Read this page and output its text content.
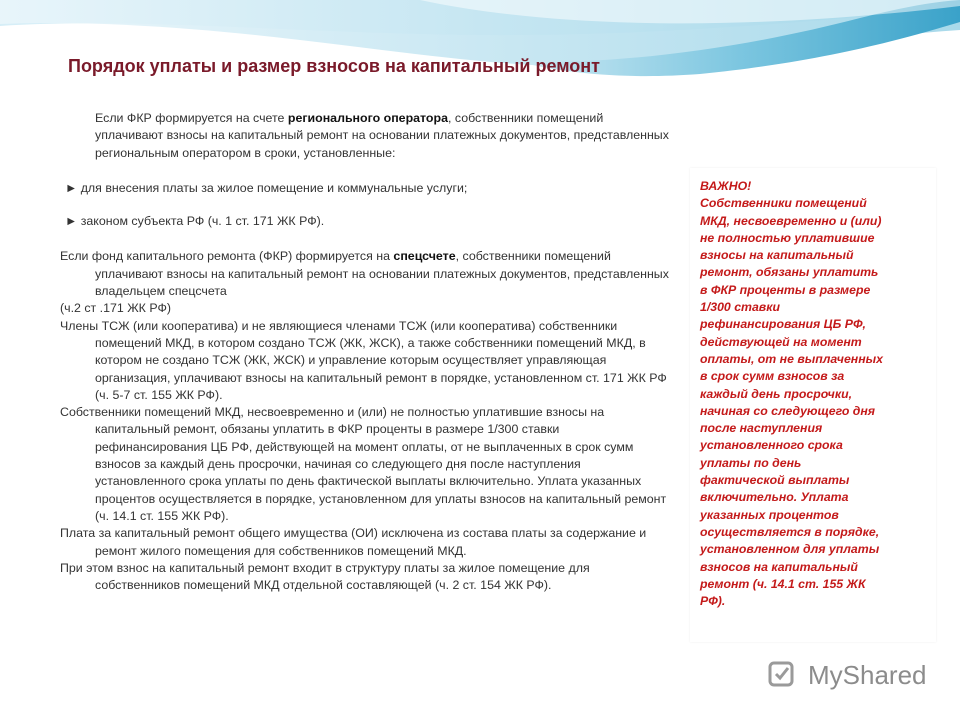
Порядок уплаты и размер взносов на капитальный ремонт

Если ФКР формируется на счете регионального оператора, собственники помещений уплачивают взносы на капитальный ремонт на основании платежных документов, представленных региональным оператором в сроки, установленные:

► для внесения платы за жилое помещение и коммунальные услуги;

► законом субъекта РФ (ч. 1 ст. 171 ЖК РФ).

Если фонд капитального ремонта (ФКР) формируется на спецсчете, собственники помещений уплачивают взносы на капитальный ремонт на основании платежных документов, представленных владельцем спецсчета

(ч.2 ст .171 ЖК РФ)

Члены ТСЖ (или кооператива) и не являющиеся членами ТСЖ (или кооператива) собственники помещений МКД, в котором создано ТСЖ (ЖК, ЖСК), а также собственники помещений МКД, в котором не создано ТСЖ (ЖК, ЖСК) и управление которым осуществляет управляющая организация, уплачивают взносы на капитальный ремонт в порядке, установленном ст. 171 ЖК РФ (ч. 5-7 ст. 155 ЖК РФ).

Собственники помещений МКД, несвоевременно и (или) не полностью уплатившие взносы на капитальный ремонт, обязаны уплатить в ФКР проценты в размере 1/300 ставки рефинансирования ЦБ РФ, действующей на момент оплаты, от не выплаченных в срок сумм взносов за каждый день просрочки, начиная со следующего дня после наступления установленного срока уплаты по день фактической выплаты включительно. Уплата указанных процентов осуществляется в порядке, установленном для уплаты взносов на капитальный ремонт (ч. 14.1 ст. 155 ЖК РФ).

Плата за капитальный ремонт общего имущества (ОИ) исключена из состава платы за содержание и ремонт жилого помещения для собственников помещений МКД.

При этом взнос на капитальный ремонт входит в структуру платы за жилое помещение для собственников помещений МКД отдельной составляющей (ч. 2 ст. 154 ЖК РФ).

ВАЖНО!
Собственники помещений
МКД, несвоевременно и (или)
не полностью уплатившие
взносы на капитальный
ремонт, обязаны уплатить
в ФКР проценты в размере
1/300 ставки
рефинансирования ЦБ РФ,
действующей на момент
оплаты, от не выплаченных
в срок сумм взносов за
каждый день просрочки,
начиная со следующего дня
после наступления
установленного срока
уплаты по день
фактической выплаты
включительно. Уплата
указанных процентов
осуществляется в порядке,
установленном для уплаты
взносов на капитальный
ремонт (ч. 14.1 ст. 155 ЖК
РФ).
MyShared
